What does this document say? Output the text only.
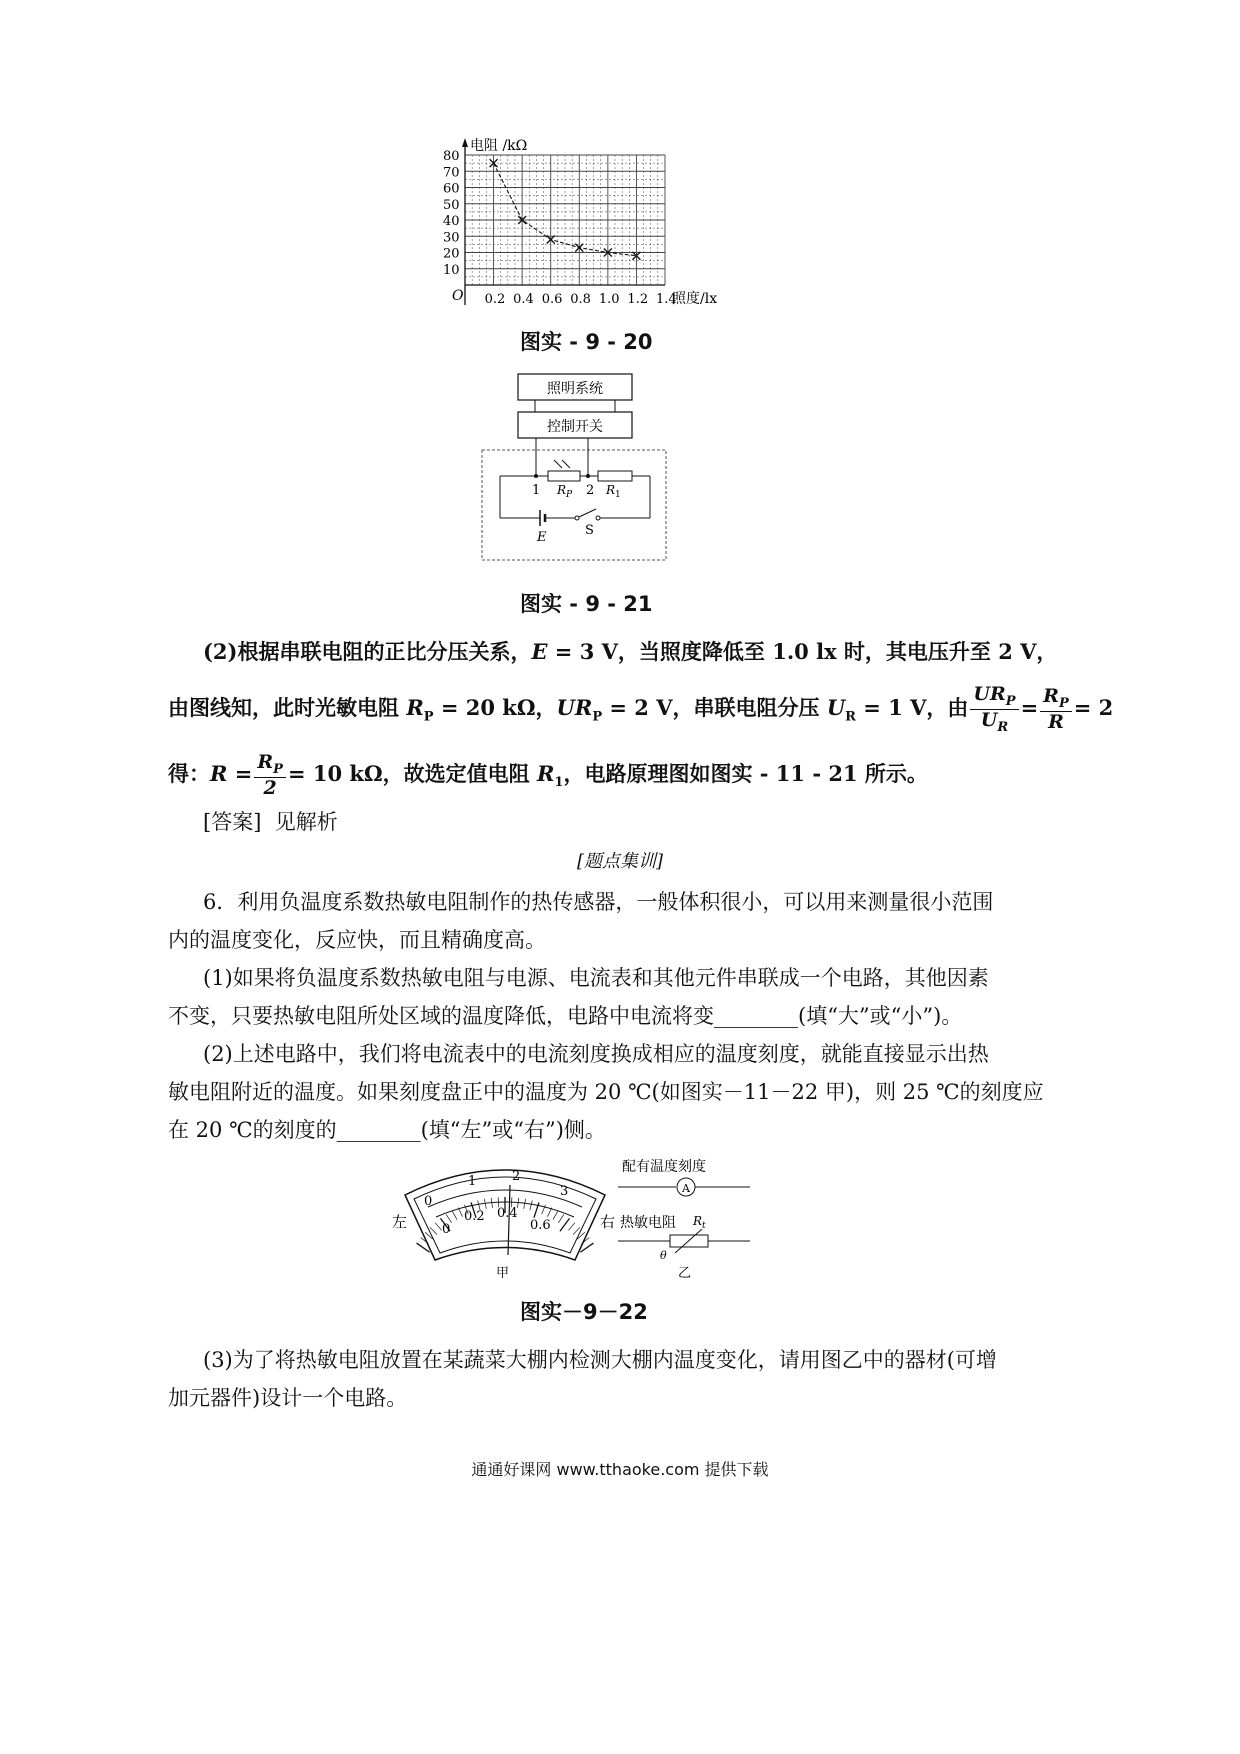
电阻 /kΩ
照度/lx
O 0.2 0.4 0.6 0.8 1.0 1.2 1.4
10
20
30
40
50
60
70
80
图实 - 9 - 20
照明系统
控制开关
1	2
$R_P$	$R_1$
E	S
图实 - 9 - 21
(2)根据串联电阻的正比分压关系，E = 3 V，当照度降低至 1.0 lx 时，其电压升至 2 V，
由图线知，此时光敏电阻 $R_P = 20$ kΩ，$UR_P = 2$ V，串联电阻分压 $U_R = 1$ V，由 $\frac{UR_P}{U_R} = \frac{R_P}{R} = 2$
得：$R = \frac{R_P}{2} = 10$ kΩ，故选定值电阻 $R_1$，电路原理图如图实 - 11 - 21 所示。
[答案] 见解析
[题点集训]
6．利用负温度系数热敏电阻制作的热传感器，一般体积很小，可以用来测量很小范围
内的温度变化，反应快，而且精确度高。
(1)如果将负温度系数热敏电阻与电源、电流表和其他元件串联成一个电路，其他因素
不变，只要热敏电阻所处区域的温度降低，电路中电流将变________(填“大”或“小”)。
(2)上述电路中，我们将电流表中的电流刻度换成相应的温度刻度，就能直接显示出热
敏电阻附近的温度。如果刻度盘正中的温度为 20 ℃(如图实－11－22 甲)，则 25 ℃的刻度应
在 20 ℃的刻度的________(填“左”或“右”)侧。
0
1	2
3
0
0.2 0.4
0.6
左	右
甲
配有温度刻度
A
热敏电阻 $R_t$
θ
乙
图实－9－22
(3)为了将热敏电阻放置在某蔬菜大棚内检测大棚内温度变化，请用图乙中的器材(可增
加元器件)设计一个电路。
通通好课网 www.tthaoke.com 提供下载
